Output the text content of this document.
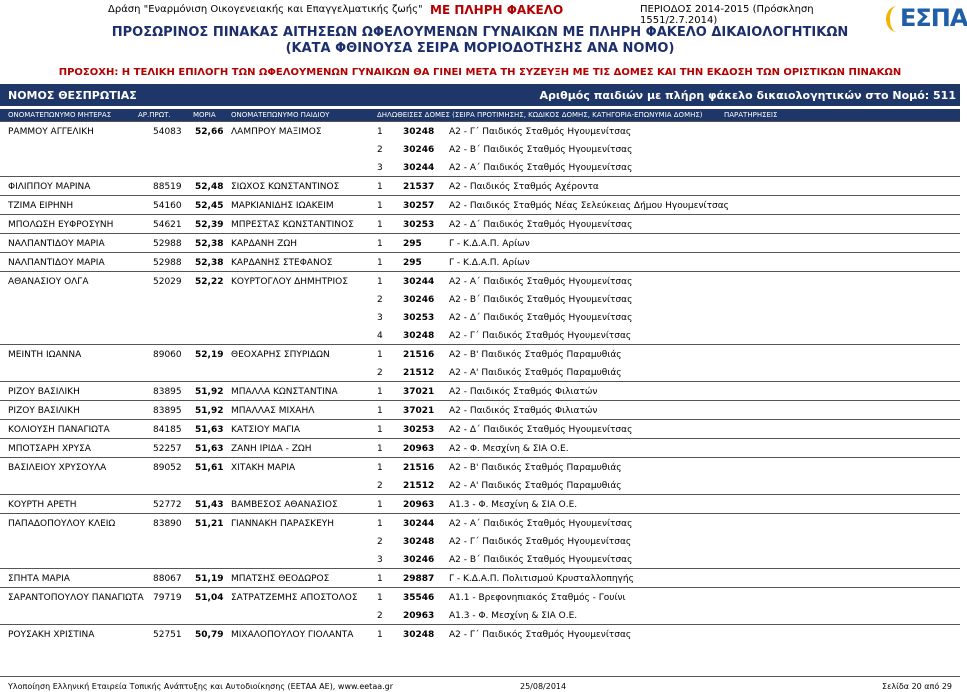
Δράση "Εναρμόνιση Οικογενειακής και Επαγγελματικής ζωής" ΜΕ ΠΛΗΡΗ ΦΑΚΕΛΟ	ΠΕΡΙΟΔΟΣ 2014-2015 (Πρόσκληση 1551/2.7.2014)	ΕΣΠΑ
ΠΡΟΣΩΡΙΝΟΣ ΠΙΝΑΚΑΣ ΑΙΤΗΣΕΩΝ ΩΦΕΛΟΥΜΕΝΩΝ ΓΥΝΑΙΚΩΝ ΜΕ ΠΛΗΡΗ ΦΑΚΕΛΟ ΔΙΚΑΙΟΛΟΓΗΤΙΚΩΝ
(ΚΑΤΑ ΦΘΙΝΟΥΣΑ ΣΕΙΡΑ ΜΟΡΙΟΔΟΤΗΣΗΣ ΑΝΑ ΝΟΜΟ)
ΠΡΟΣΟΧΗ: Η ΤΕΛΙΚΗ ΕΠΙΛΟΓΗ ΤΩΝ ΩΦΕΛΟΥΜΕΝΩΝ ΓΥΝΑΙΚΩΝ ΘΑ ΓΙΝΕΙ ΜΕΤΑ ΤΗ ΣΥΖΕΥΞΗ ΜΕ ΤΙΣ ΔΟΜΕΣ ΚΑΙ ΤΗΝ ΕΚΔΟΣΗ ΤΩΝ ΟΡΙΣΤΙΚΩΝ ΠΙΝΑΚΩΝ
ΝΟΜΟΣ ΘΕΣΠΡΩΤΙΑΣ	Αριθμός παιδιών με πλήρη φάκελο δικαιολογητικών στο Νομό: 511
ΟΝΟΜΑΤΕΠΩΝΥΜΟ ΜΗΤΕΡΑΣ	ΑΡ.ΠΡΩΤ.	ΜΟΡΙΑ ΟΝΟΜΑΤΕΠΩΝΥΜΟ ΠΑΙΔΙΟΥ	ΔΗΛΩΘΕΙΣΕΣ ΔΟΜΕΣ (ΣΕΙΡΑ ΠΡΟΤΙΜΗΣΗΣ, ΚΩΔΙΚΟΣ ΔΟΜΗΣ, ΚΑΤΗΓΟΡΙΑ-ΕΠΩΝΥΜΙΑ ΔΟΜΗΣ)	ΠΑΡΑΤΗΡΗΣΕΙΣ
ΡΑΜΜΟΥ ΑΓΓΕΛΙΚΗ	54083 52,66 ΛΑΜΠΡΟΥ ΜΑΞΙΜΟΣ	1 30248 Α2 - Γ΄ Παιδικός Σταθμός Ηγουμενίτσας
2 30246 Α2 - Β΄ Παιδικός Σταθμός Ηγουμενίτσας
3 30244 Α2 - Α΄ Παιδικός Σταθμός Ηγουμενίτσας
ΦΙΛΙΠΠΟΥ ΜΑΡΙΝΑ	88519 52,48 ΣΙΩΧΟΣ ΚΩΝΣΤΑΝΤΙΝΟΣ	1 21537 Α2 - Παιδικός Σταθμός Αχέροντα
ΤΖΙΜΑ ΕΙΡΗΝΗ	54160 52,45 ΜΑΡΚΙΑΝΙΔΗΣ ΙΩΑΚΕΙΜ	1 30257 Α2 - Παιδικός Σταθμός Νέας Σελεύκειας Δήμου Ηγουμενίτσας
ΜΠΟΛΩΣΗ ΕΥΦΡΟΣΥΝΗ	54621 52,39 ΜΠΡΕΣΤΑΣ ΚΩΝΣΤΑΝΤΙΝΟΣ	1 30253 Α2 - Δ΄ Παιδικός Σταθμός Ηγουμενίτσας
ΝΑΛΠΑΝΤΙΔΟΥ ΜΑΡΙΑ	52988 52,38 ΚΑΡΔΑΝΗ ΖΩΗ	1 295	Γ - Κ.Δ.Α.Π. Αρίων
ΝΑΛΠΑΝΤΙΔΟΥ ΜΑΡΙΑ	52988 52,38 ΚΑΡΔΑΝΗΣ ΣΤΕΦΑΝΟΣ	1 295	Γ - Κ.Δ.Α.Π. Αρίων
ΑΘΑΝΑΣΙΟΥ ΟΛΓΑ	52029 52,22 ΚΟΥΡΤΟΓΛΟΥ ΔΗΜΗΤΡΙΟΣ	1 30244 Α2 - Α΄ Παιδικός Σταθμός Ηγουμενίτσας
2 30246 Α2 - Β΄ Παιδικός Σταθμός Ηγουμενίτσας
3 30253 Α2 - Δ΄ Παιδικός Σταθμός Ηγουμενίτσας
4 30248 Α2 - Γ΄ Παιδικός Σταθμός Ηγουμενίτσας
ΜΕΙΝΤΗ ΙΩΑΝΝΑ	89060 52,19 ΘΕΟΧΑΡΗΣ ΣΠΥΡΙΔΩΝ	1 21516 Α2 - Β' Παιδικός Σταθμός Παραμυθιάς
2 21512 Α2 - Α' Παιδικός Σταθμός Παραμυθιάς
ΡΙΖΟΥ ΒΑΣΙΛΙΚΗ	83895 51,92 ΜΠΑΛΛΑ ΚΩΝΣΤΑΝΤΙΝΑ	1 37021 Α2 - Παιδικός Σταθμός Φιλιατών
ΡΙΖΟΥ ΒΑΣΙΛΙΚΗ	83895 51,92 ΜΠΑΛΛΑΣ ΜΙΧΑΗΛ	1 37021 Α2 - Παιδικός Σταθμός Φιλιατών
ΚΟΛΙΟΥΣΗ ΠΑΝΑΓΙΩΤΑ	84185 51,63 ΚΑΤΣΙΟΥ ΜΑΓΙΑ	1 30253 Α2 - Δ΄ Παιδικός Σταθμός Ηγουμενίτσας
ΜΠΟΤΣΑΡΗ ΧΡΥΣΑ	52257 51,63 ΖΑΝΗ ΙΡΙΔΑ - ΖΩΗ	1 20963 Α2 - Φ. Μεσχίνη & ΣΙΑ Ο.Ε.
ΒΑΣΙΛΕΙΟΥ ΧΡΥΣΟΥΛΑ	89052 51,61 ΧΙΤΑΚΗ ΜΑΡΙΑ	1 21516 Α2 - Β' Παιδικός Σταθμός Παραμυθιάς
2 21512 Α2 - Α' Παιδικός Σταθμός Παραμυθιάς
ΚΟΥΡΤΗ ΑΡΕΤΗ	52772 51,43 ΒΑΜΒΕΣΟΣ ΑΘΑΝΑΣΙΟΣ	1 20963 Α1.3 - Φ. Μεσχίνη & ΣΙΑ Ο.Ε.
ΠΑΠΑΔΟΠΟΥΛΟΥ ΚΛΕΙΩ	83890 51,21 ΓΙΑΝΝΑΚΗ ΠΑΡΑΣΚΕΥΗ	1 30244 Α2 - Α΄ Παιδικός Σταθμός Ηγουμενίτσας
2 30248 Α2 - Γ΄ Παιδικός Σταθμός Ηγουμενίτσας
3 30246 Α2 - Β΄ Παιδικός Σταθμός Ηγουμενίτσας
ΣΠΗΤΑ ΜΑΡΙΑ	88067 51,19 ΜΠΑΤΣΗΣ ΘΕΟΔΩΡΟΣ	1 29887 Γ - Κ.Δ.Α.Π. Πολιτισμού Κρυσταλλοπηγής
ΣΑΡΑΝΤΟΠΟΥΛΟΥ ΠΑΝΑΓΙΩΤΑ 79719 51,04 ΣΑΤΡΑΤΖΕΜΗΣ ΑΠΟΣΤΟΛΟΣ 1 35546 Α1.1 - Βρεφονηπιακός Σταθμός - Γουίνι
2 20963 Α1.3 - Φ. Μεσχίνη & ΣΙΑ Ο.Ε.
ΡΟΥΣΑΚΗ ΧΡΙΣΤΙΝΑ	52751 50,79 ΜΙΧΑΛΟΠΟΥΛΟΥ ΓΙΟΛΑΝΤΑ	1 30248 Α2 - Γ΄ Παιδικός Σταθμός Ηγουμενίτσας
Υλοποίηση Ελληνική Εταιρεία Τοπικής Ανάπτυξης και Αυτοδιοίκησης (ΕΕΤΑΑ ΑΕ), www.eetaa.gr	25/08/2014	Σελίδα 20 από 29
